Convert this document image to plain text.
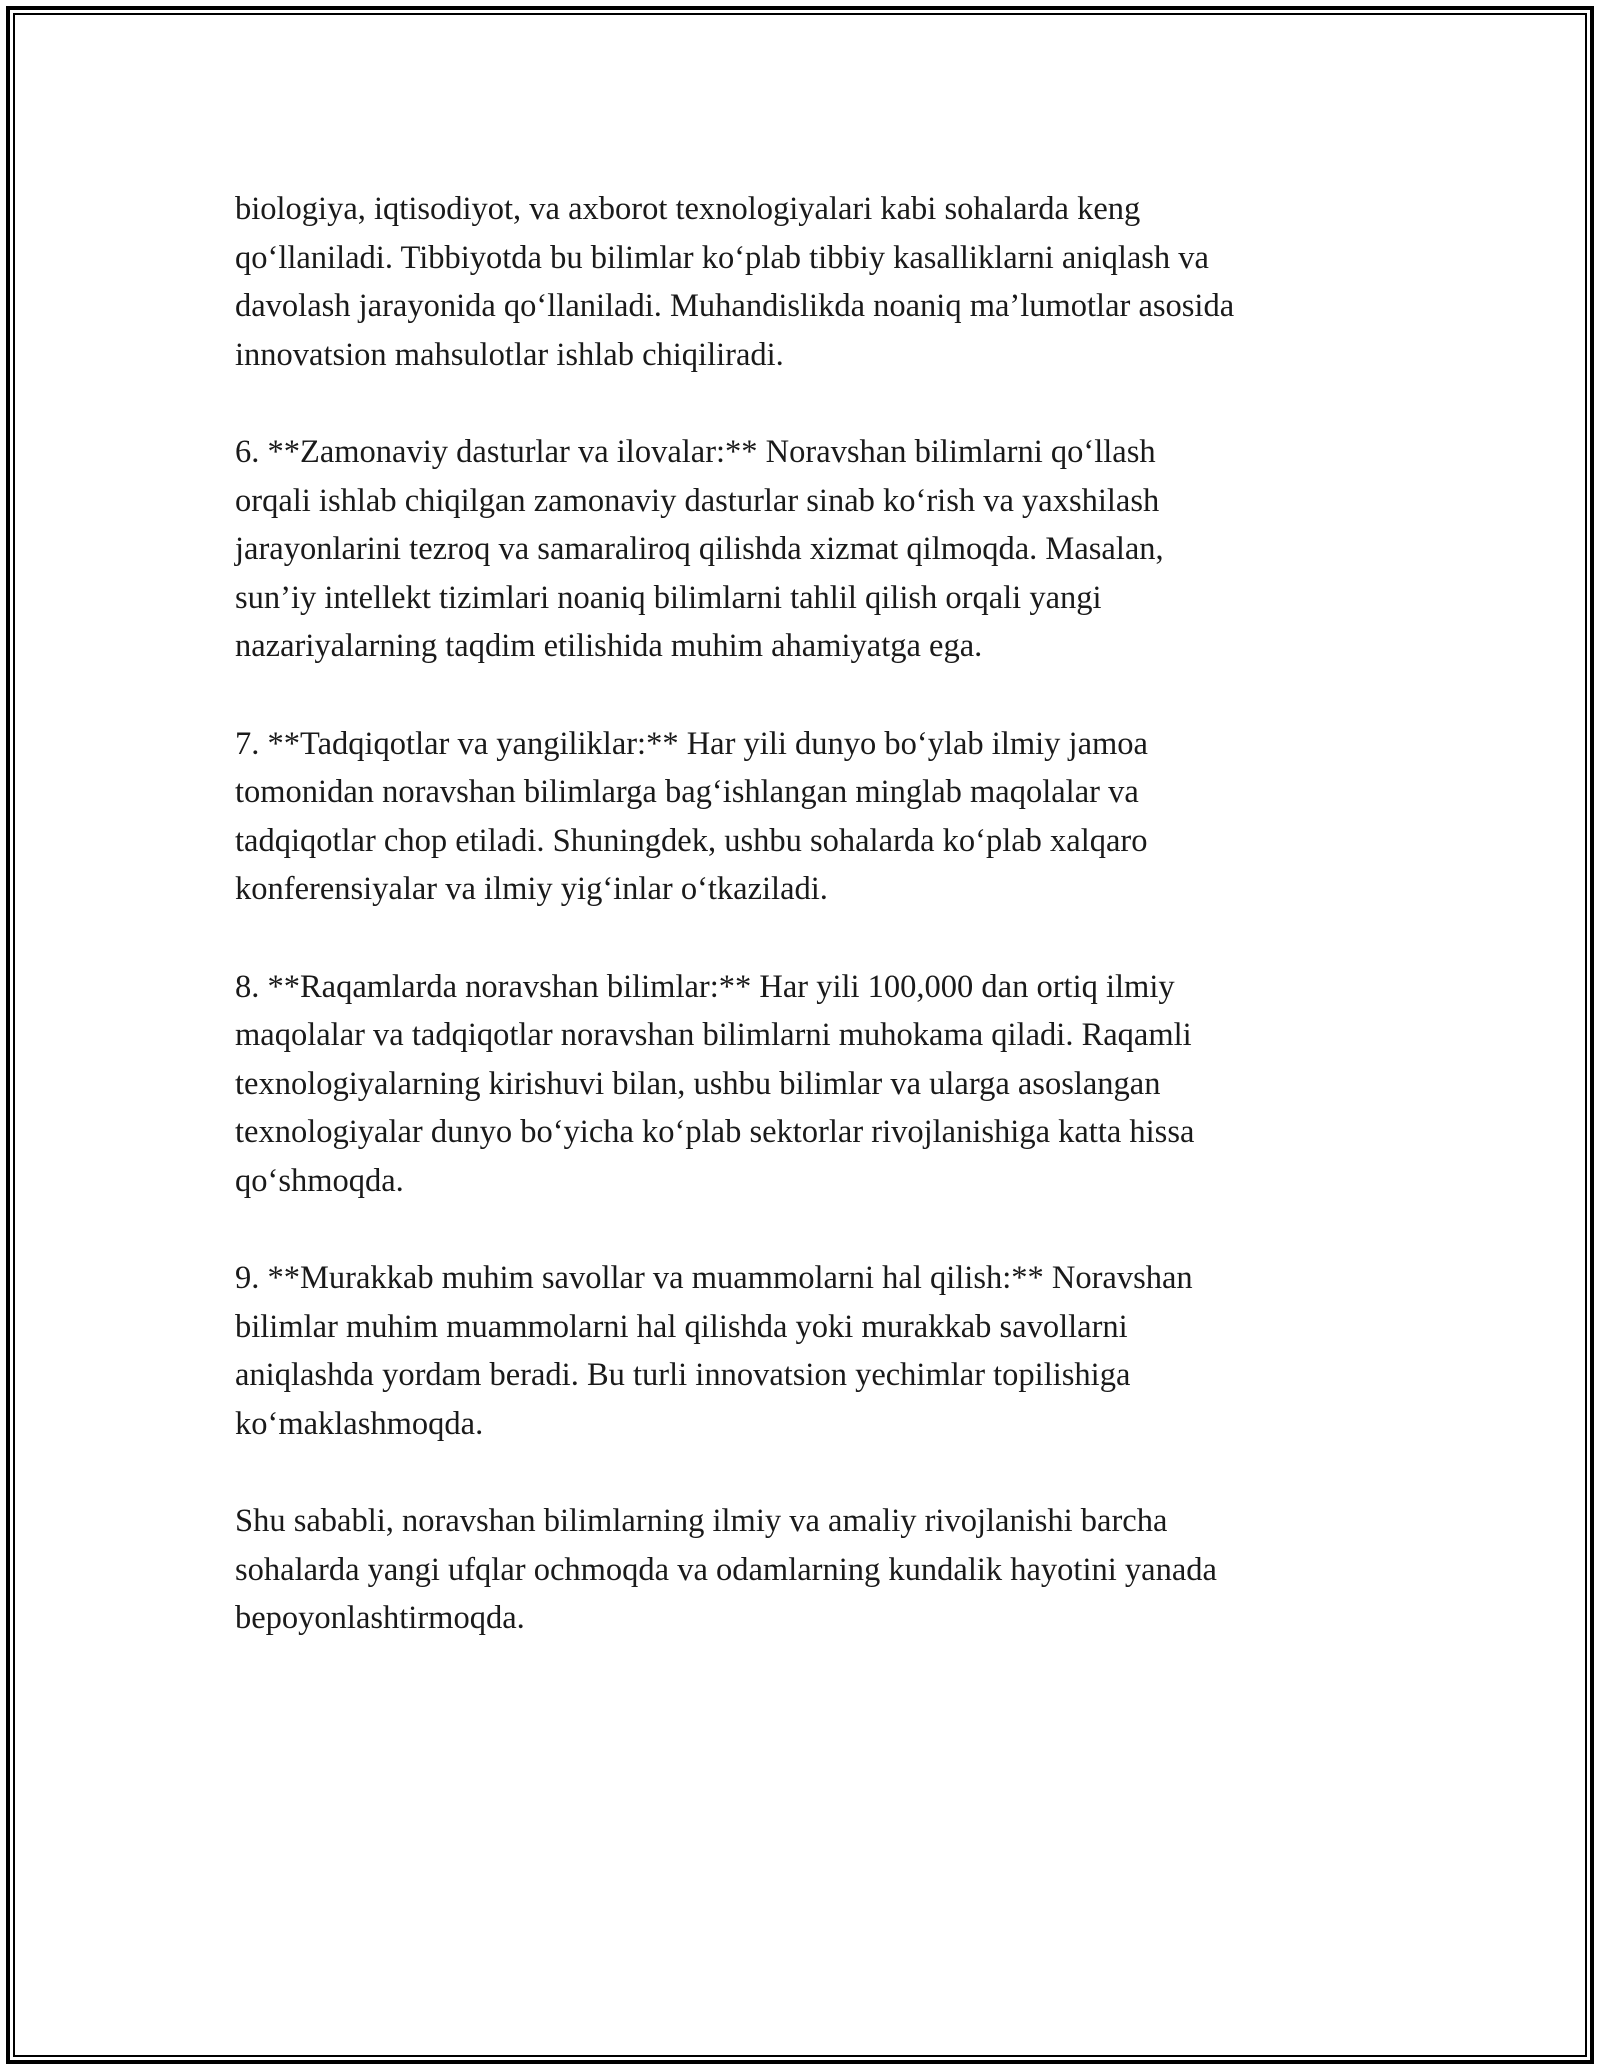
biologiya, iqtisodiyot, va axborot texnologiyalari kabi sohalarda keng
qo‘llaniladi. Tibbiyotda bu bilimlar ko‘plab tibbiy kasalliklarni aniqlash va
davolash jarayonida qo‘llaniladi. Muhandislikda noaniq ma’lumotlar asosida
innovatsion mahsulotlar ishlab chiqiliradi.

6. **Zamonaviy dasturlar va ilovalar:** Noravshan bilimlarni qo‘llash
orqali ishlab chiqilgan zamonaviy dasturlar sinab ko‘rish va yaxshilash
jarayonlarini tezroq va samaraliroq qilishda xizmat qilmoqda. Masalan,
sun’iy intellekt tizimlari noaniq bilimlarni tahlil qilish orqali yangi
nazariyalarning taqdim etilishida muhim ahamiyatga ega.

7. **Tadqiqotlar va yangiliklar:** Har yili dunyo bo‘ylab ilmiy jamoa
tomonidan noravshan bilimlarga bag‘ishlangan minglab maqolalar va
tadqiqotlar chop etiladi. Shuningdek, ushbu sohalarda ko‘plab xalqaro
konferensiyalar va ilmiy yig‘inlar o‘tkaziladi.

8. **Raqamlarda noravshan bilimlar:** Har yili 100,000 dan ortiq ilmiy
maqolalar va tadqiqotlar noravshan bilimlarni muhokama qiladi. Raqamli
texnologiyalarning kirishuvi bilan, ushbu bilimlar va ularga asoslangan
texnologiyalar dunyo bo‘yicha ko‘plab sektorlar rivojlanishiga katta hissa
qo‘shmoqda.

9. **Murakkab muhim savollar va muammolarni hal qilish:** Noravshan
bilimlar muhim muammolarni hal qilishda yoki murakkab savollarni
aniqlashda yordam beradi. Bu turli innovatsion yechimlar topilishiga
ko‘maklashmoqda.

Shu sababli, noravshan bilimlarning ilmiy va amaliy rivojlanishi barcha
sohalarda yangi ufqlar ochmoqda va odamlarning kundalik hayotini yanada
bepoyonlashtirmoqda.
